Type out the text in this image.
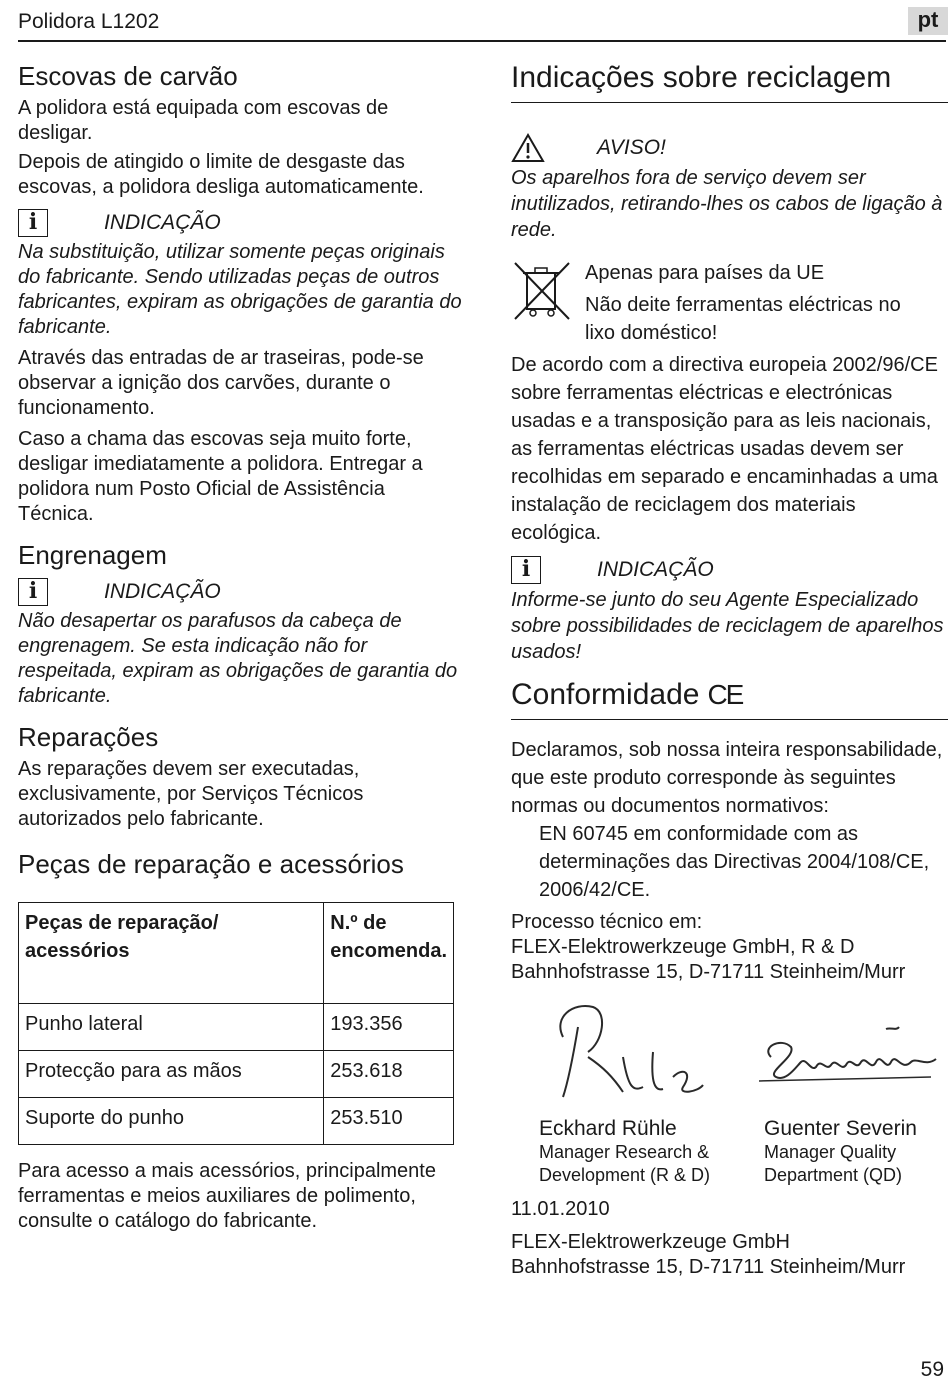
Polidora L1202	pt
Escovas de carvão

A polidora está equipada com escovas de desligar.

Depois de atingido o limite de desgaste das escovas, a polidora desliga automaticamente.

i	INDICAÇÃO

Na substituição, utilizar somente peças originais do fabricante. Sendo utilizadas peças de outros fabricantes, expiram as obrigações de garantia do fabricante.

Através das entradas de ar traseiras, pode-se observar a ignição dos carvões, durante o funcionamento.

Caso a chama das escovas seja muito forte, desligar imediatamente a polidora. Entregar a polidora num Posto Oficial de Assistência Técnica.

Engrenagem
i	INDICAÇÃO

Não desapertar os parafusos da cabeça de engrenagem. Se esta indicação não for respeitada, expiram as obrigações de garantia do fabricante.

Reparações

As reparações devem ser executadas, exclusivamente, por Serviços Técnicos autorizados pelo fabricante.

Peças de reparação e acessórios
Peças de reparação/ acessórios	N.º de encomenda.
Punho lateral	193.356
Protecção para as mãos	253.618
Suporte do punho	253.510

Para acesso a mais acessórios, principalmente ferramentas e meios auxiliares de polimento, consulte o catálogo do fabricante.

Indicações sobre reciclagem
AVISO!

Os aparelhos fora de serviço devem ser inutilizados, retirando-lhes os cabos de ligação à rede.

Apenas para países da UE

Não deite ferramentas eléctricas no lixo doméstico!

De acordo com a directiva europeia 2002/96/CE sobre ferramentas eléctricas e electrónicas usadas e a transposição para as leis nacionais, as ferramentas eléctricas usadas devem ser recolhidas em separado e encaminhadas a uma instalação de reciclagem dos materiais ecológica.

i	INDICAÇÃO

Informe-se junto do seu Agente Especializado sobre possibilidades de reciclagem de aparelhos usados!

Conformidade CE

Declaramos, sob nossa inteira responsabilidade, que este produto corresponde às seguintes normas ou documentos normativos:

EN 60745 em conformidade com as determinações das Directivas 2004/108/CE, 2006/42/CE.

Processo técnico em:

FLEX-Elektrowerkzeuge GmbH, R & D

Bahnhofstrasse 15, D-71711 Steinheim/Murr

Eckhard Rühle
Manager Research &
Development (R & D)
Guenter Severin
Manager Quality
Department (QD)

11.01.2010

FLEX-Elektrowerkzeuge GmbH

Bahnhofstrasse 15, D-71711 Steinheim/Murr

59
